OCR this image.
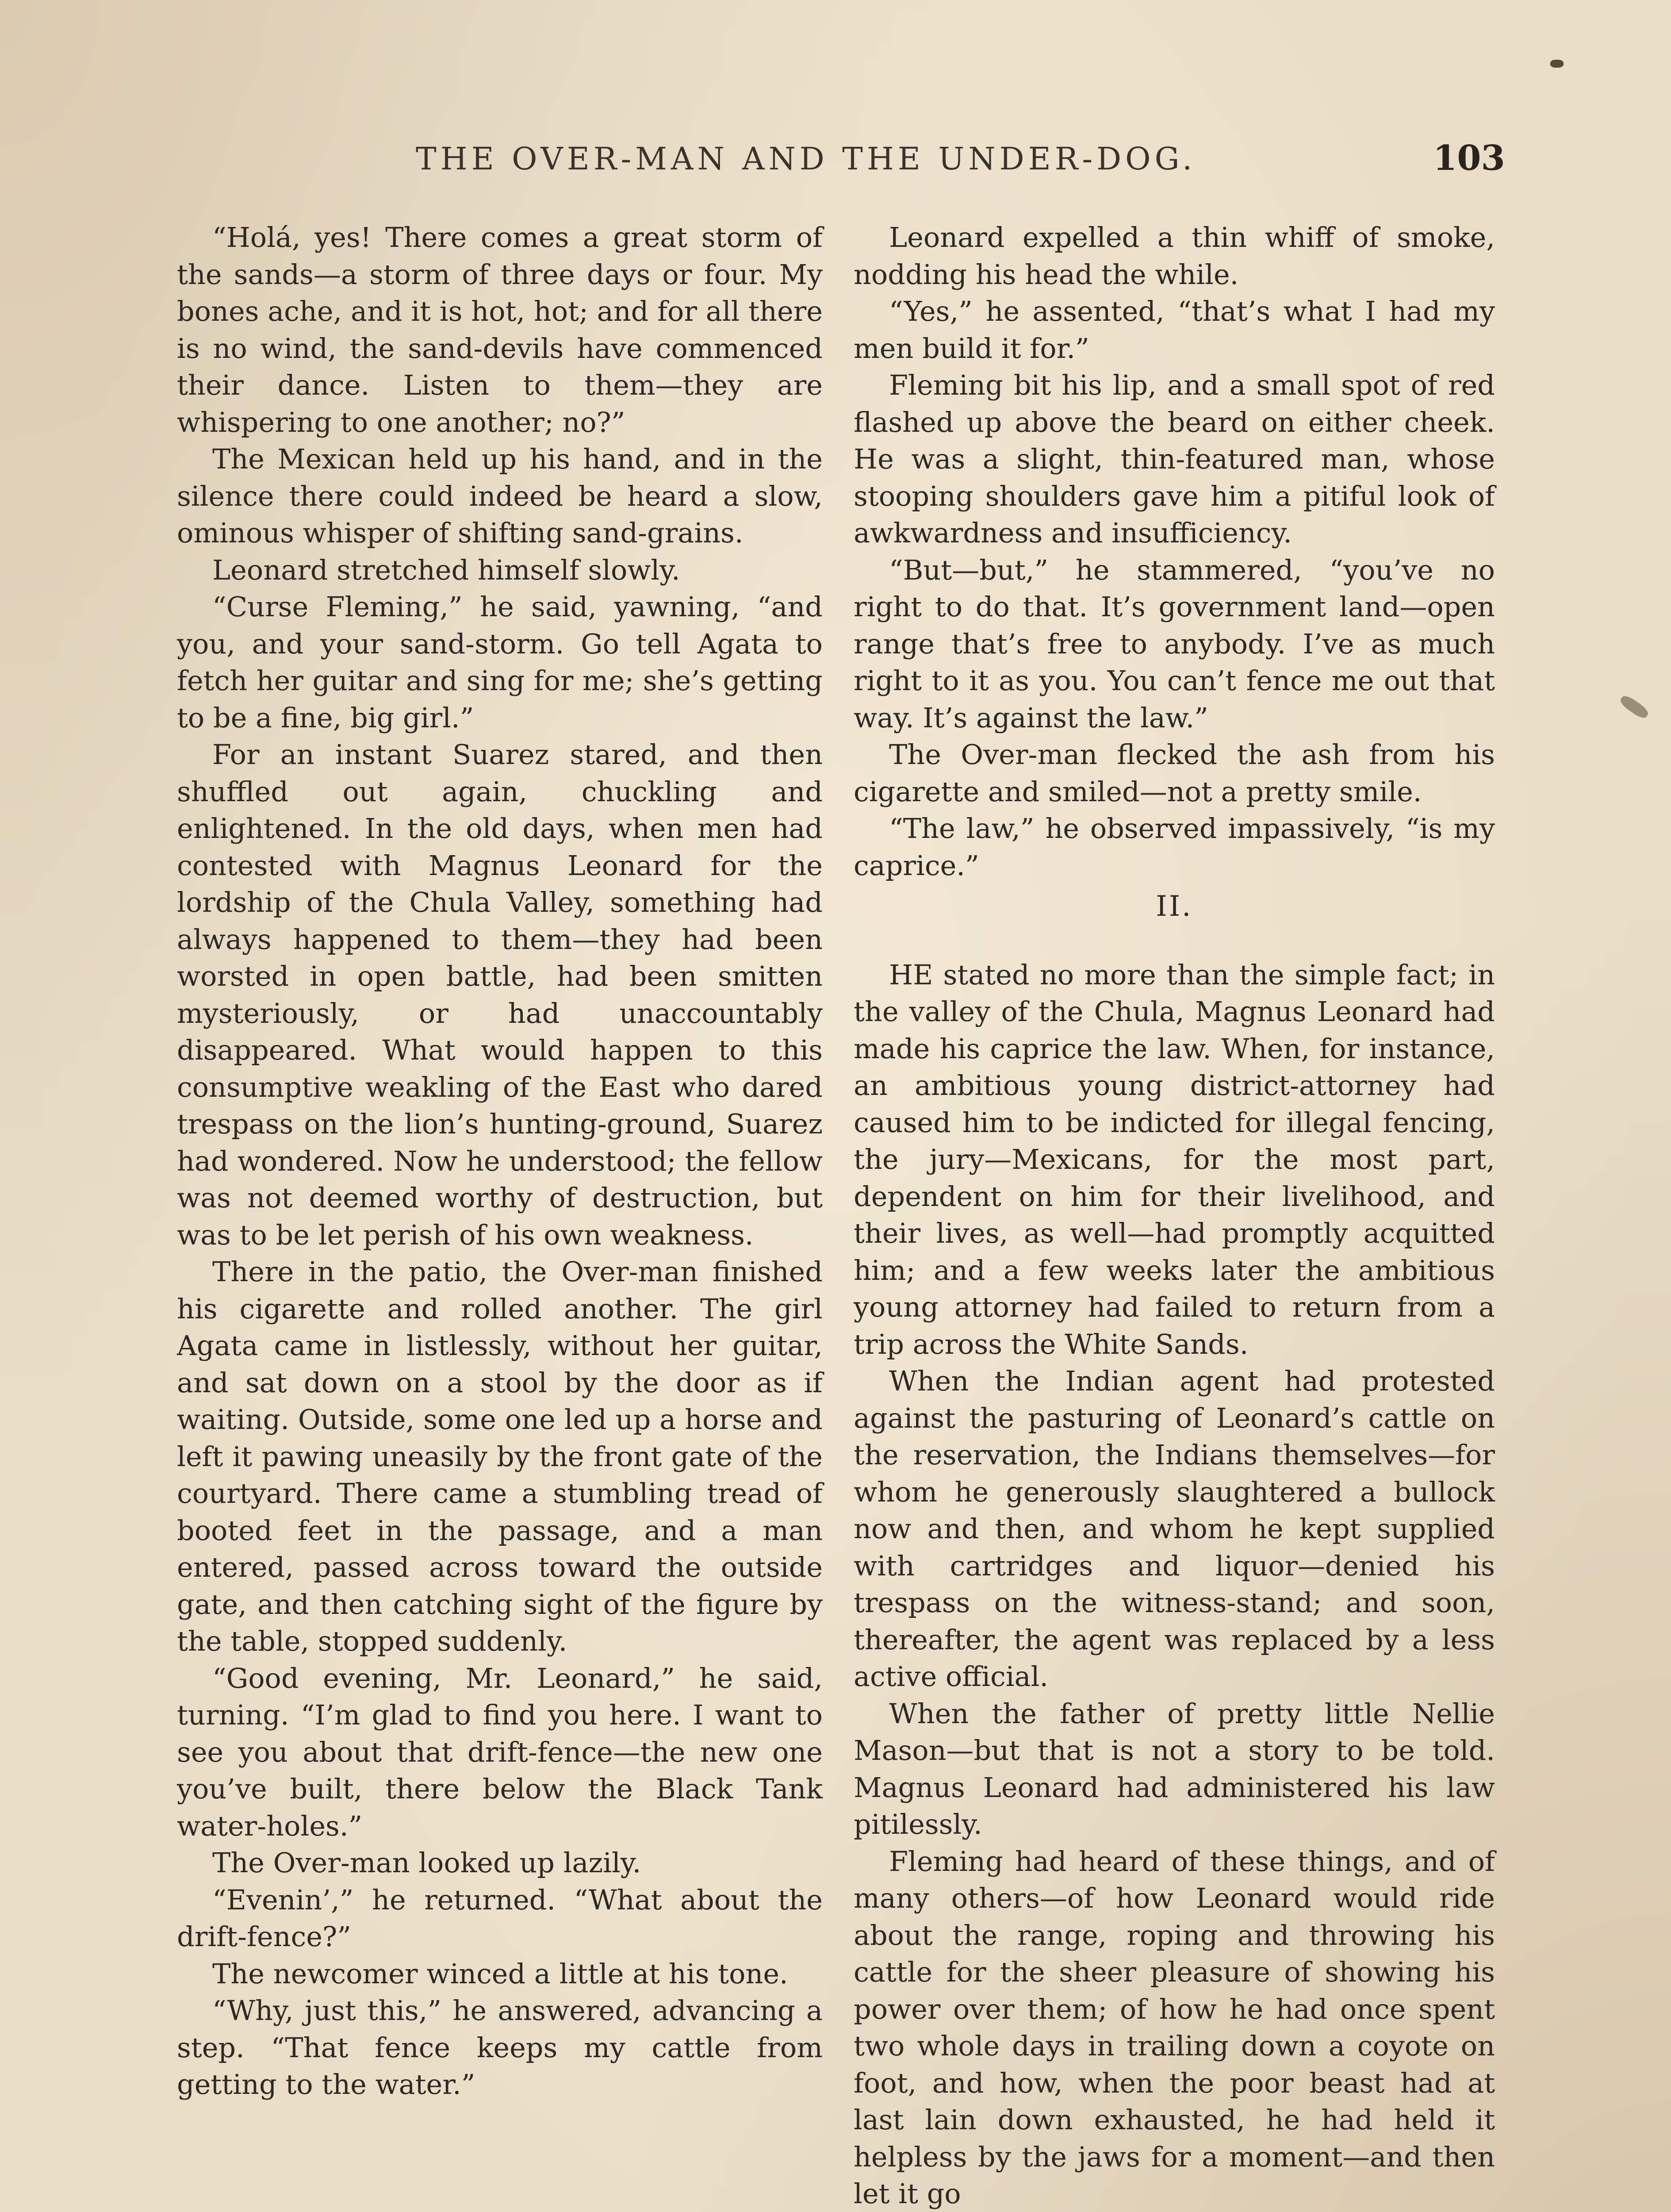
THE OVER-MAN AND THE UNDER-DOG.	103

“Holá, yes! There comes a great storm of the sands—a storm of three days or four. My bones ache, and it is hot, hot; and for all there is no wind, the sand-devils have commenced their dance. Listen to them—they are whispering to one another; no?”

The Mexican held up his hand, and in the silence there could indeed be heard a slow, ominous whisper of shifting sand-grains.

Leonard stretched himself slowly.

“Curse Fleming,” he said, yawning, “and you, and your sand-storm. Go tell Agata to fetch her guitar and sing for me; she’s getting to be a fine, big girl.”

For an instant Suarez stared, and then shuffled out again, chuckling and enlightened. In the old days, when men had contested with Magnus Leonard for the lordship of the Chula Valley, something had always happened to them—they had been worsted in open battle, had been smitten mysteriously, or had unaccountably disappeared. What would happen to this consumptive weakling of the East who dared trespass on the lion’s hunting-ground, Suarez had wondered. Now he understood; the fellow was not deemed worthy of destruction, but was to be let perish of his own weakness.

There in the patio, the Over-man finished his cigarette and rolled another. The girl Agata came in listlessly, without her guitar, and sat down on a stool by the door as if waiting. Outside, some one led up a horse and left it pawing uneasily by the front gate of the courtyard. There came a stumbling tread of booted feet in the passage, and a man entered, passed across toward the outside gate, and then catching sight of the figure by the table, stopped suddenly.

“Good evening, Mr. Leonard,” he said, turning. “I’m glad to find you here. I want to see you about that drift-fence—the new one you’ve built, there below the Black Tank water-holes.”

The Over-man looked up lazily.

“Evenin’,” he returned. “What about the drift-fence?”

The newcomer winced a little at his tone.

“Why, just this,” he answered, advancing a step. “That fence keeps my cattle from getting to the water.”

Leonard expelled a thin whiff of smoke, nodding his head the while.

“Yes,” he assented, “that’s what I had my men build it for.”

Fleming bit his lip, and a small spot of red flashed up above the beard on either cheek. He was a slight, thin-featured man, whose stooping shoulders gave him a pitiful look of awkwardness and insufficiency.

“But—but,” he stammered, “you’ve no right to do that. It’s government land—open range that’s free to anybody. I’ve as much right to it as you. You can’t fence me out that way. It’s against the law.”

The Over-man flecked the ash from his cigarette and smiled—not a pretty smile.

“The law,” he observed impassively, “is my caprice.”

II.

HE stated no more than the simple fact; in the valley of the Chula, Magnus Leonard had made his caprice the law. When, for instance, an ambitious young district-attorney had caused him to be indicted for illegal fencing, the jury—Mexicans, for the most part, dependent on him for their livelihood, and their lives, as well—had promptly acquitted him; and a few weeks later the ambitious young attorney had failed to return from a trip across the White Sands.

When the Indian agent had protested against the pasturing of Leonard’s cattle on the reservation, the Indians themselves—for whom he generously slaughtered a bullock now and then, and whom he kept supplied with cartridges and liquor—denied his trespass on the witness-stand; and soon, thereafter, the agent was replaced by a less active official.

When the father of pretty little Nellie Mason—but that is not a story to be told. Magnus Leonard had administered his law pitilessly.

Fleming had heard of these things, and of many others—of how Leonard would ride about the range, roping and throwing his cattle for the sheer pleasure of showing his power over them; of how he had once spent two whole days in trailing down a coyote on foot, and how, when the poor beast had at last lain down exhausted, he had held it helpless by the jaws for a moment—and then let it go
